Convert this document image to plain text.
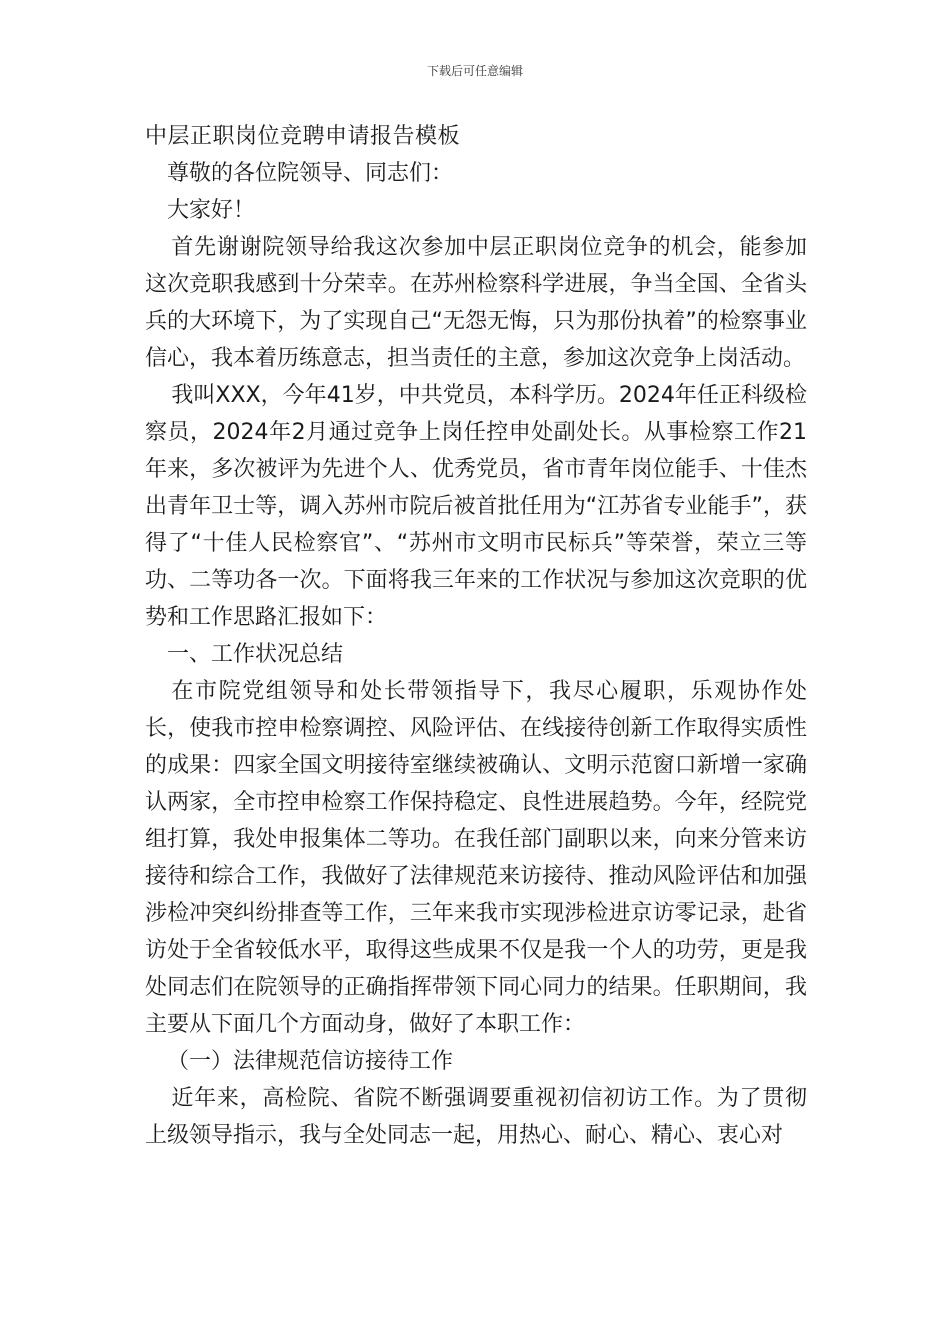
下载后可任意编辑

中层正职岗位竞聘申请报告模板

尊敬的各位院领导、同志们：

大家好！

首先谢谢院领导给我这次参加中层正职岗位竞争的机会，能参加这次竞职我感到十分荣幸。在苏州检察科学进展，争当全国、全省头兵的大环境下，为了实现自己“无怨无悔，只为那份执着”的检察事业信心，我本着历练意志，担当责任的主意，参加这次竞争上岗活动。

我叫XXX，今年41岁，中共党员，本科学历。2024年任正科级检察员，2024年2月通过竞争上岗任控申处副处长。从事检察工作21年来，多次被评为先进个人、优秀党员，省市青年岗位能手、十佳杰出青年卫士等，调入苏州市院后被首批任用为“江苏省专业能手”，获得了“十佳人民检察官”、“苏州市文明市民标兵”等荣誉，荣立三等功、二等功各一次。下面将我三年来的工作状况与参加这次竞职的优势和工作思路汇报如下：

一、工作状况总结

在市院党组领导和处长带领指导下，我尽心履职，乐观协作处长，使我市控申检察调控、风险评估、在线接待创新工作取得实质性的成果：四家全国文明接待室继续被确认、文明示范窗口新增一家确认两家，全市控申检察工作保持稳定、良性进展趋势。今年，经院党组打算，我处申报集体二等功。在我任部门副职以来，向来分管来访接待和综合工作，我做好了法律规范来访接待、推动风险评估和加强涉检冲突纠纷排查等工作，三年来我市实现涉检进京访零记录，赴省访处于全省较低水平，取得这些成果不仅是我一个人的功劳，更是我处同志们在院领导的正确指挥带领下同心同力的结果。任职期间，我主要从下面几个方面动身，做好了本职工作：

（一）法律规范信访接待工作

近年来，高检院、省院不断强调要重视初信初访工作。为了贯彻上级领导指示，我与全处同志一起，用热心、耐心、精心、衷心对
